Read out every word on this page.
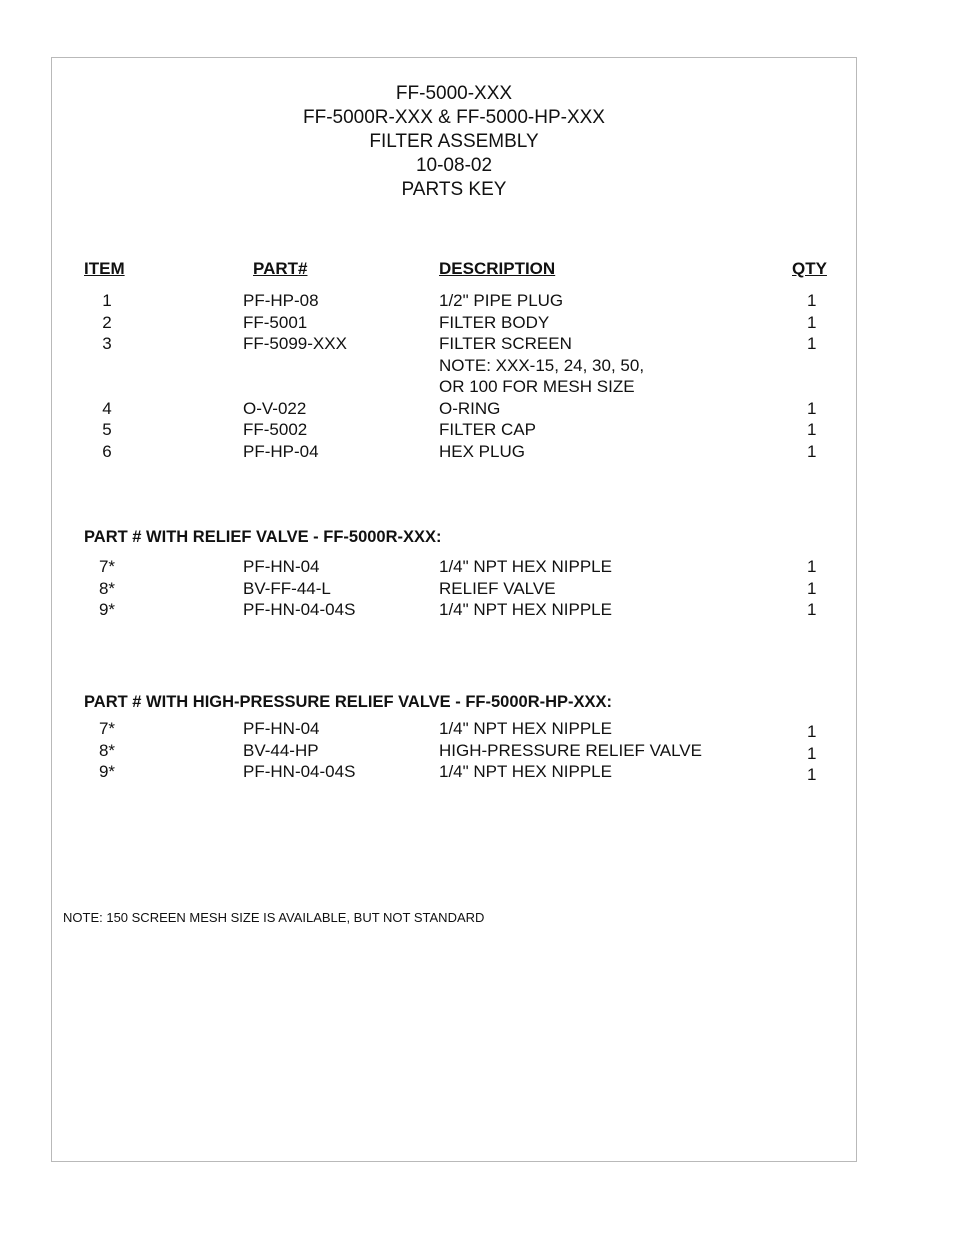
FF-5000-XXX
FF-5000R-XXX & FF-5000-HP-XXX
FILTER ASSEMBLY
10-08-02
PARTS KEY
ITEM	PART#	DESCRIPTION	QTY
1	PF-HP-08	1/2" PIPE PLUG	1
2	FF-5001	FILTER BODY	1
3	FF-5099-XXX	FILTER SCREEN	1
NOTE: XXX-15, 24, 30, 50,
OR 100 FOR MESH SIZE
4	O-V-022	O-RING	1
5	FF-5002	FILTER CAP	1
6	PF-HP-04	HEX PLUG	1
PART # WITH RELIEF VALVE - FF-5000R-XXX:
7*	PF-HN-04	1/4" NPT HEX NIPPLE	1
8*	BV-FF-44-L	RELIEF VALVE	1
9*	PF-HN-04-04S	1/4" NPT HEX NIPPLE	1
PART # WITH HIGH-PRESSURE RELIEF VALVE - FF-5000R-HP-XXX:
7*	PF-HN-04	1/4" NPT HEX NIPPLE	1
8*	BV-44-HP	HIGH-PRESSURE RELIEF VALVE	1
9*	PF-HN-04-04S	1/4" NPT HEX NIPPLE	1
NOTE: 150 SCREEN MESH SIZE IS AVAILABLE, BUT NOT STANDARD
